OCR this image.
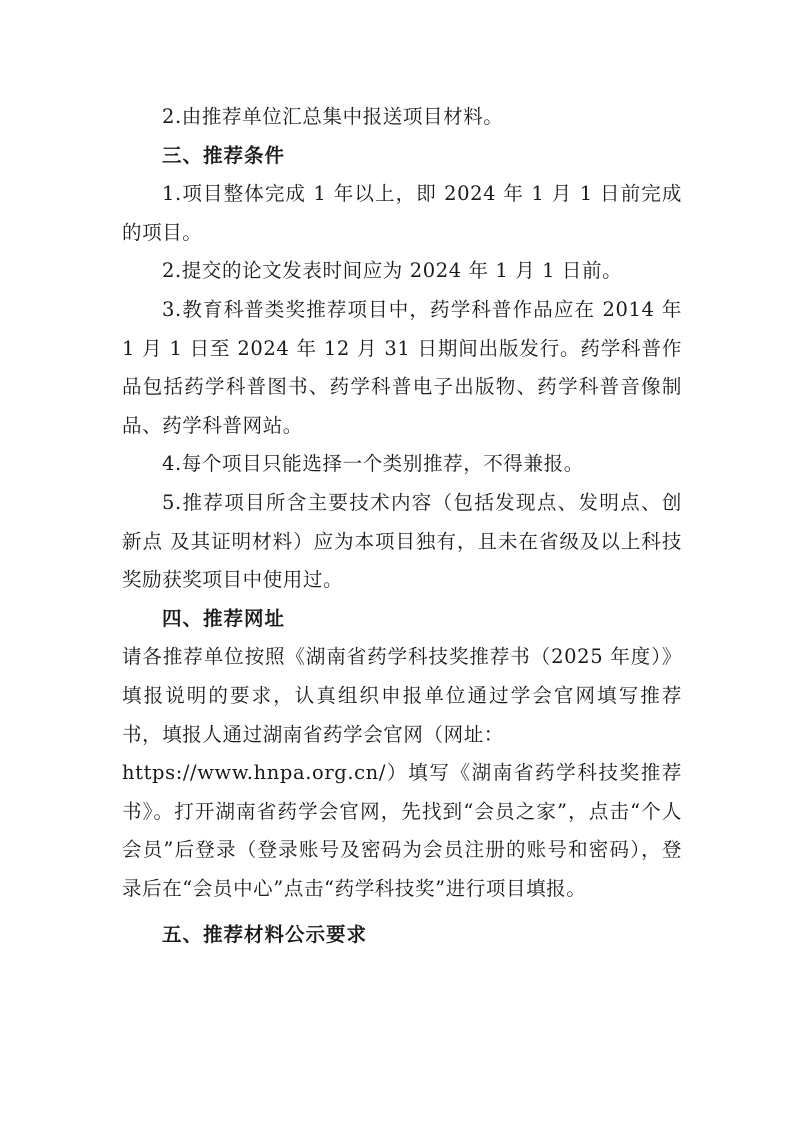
2.由推荐单位汇总集中报送项目材料。

三、推荐条件

1.项目整体完成 1 年以上，即 2024 年 1 月 1 日前完成的项目。

2.提交的论文发表时间应为 2024 年 1 月 1 日前。

3.教育科普类奖推荐项目中，药学科普作品应在 2014 年 1 月 1 日至 2024 年 12 月 31 日期间出版发行。药学科普作品包括药学科普图书、药学科普电子出版物、药学科普音像制品、药学科普网站。

4.每个项目只能选择一个类别推荐，不得兼报。

5.推荐项目所含主要技术内容（包括发现点、发明点、创新点 及其证明材料）应为本项目独有，且未在省级及以上科技奖励获奖项目中使用过。

四、推荐网址

请各推荐单位按照《湖南省药学科技奖推荐书（2025 年度）》填报说明的要求，认真组织申报单位通过学会官网填写推荐书，填报人通过湖南省药学会官网（网址：

https://www.hnpa.org.cn/）填写《湖南省药学科技奖推荐书》。打开湖南省药学会官网，先找到“会员之家”，点击“个人会员”后登录（登录账号及密码为会员注册的账号和密码），登录后在“会员中心”点击“药学科技奖”进行项目填报。

五、推荐材料公示要求
